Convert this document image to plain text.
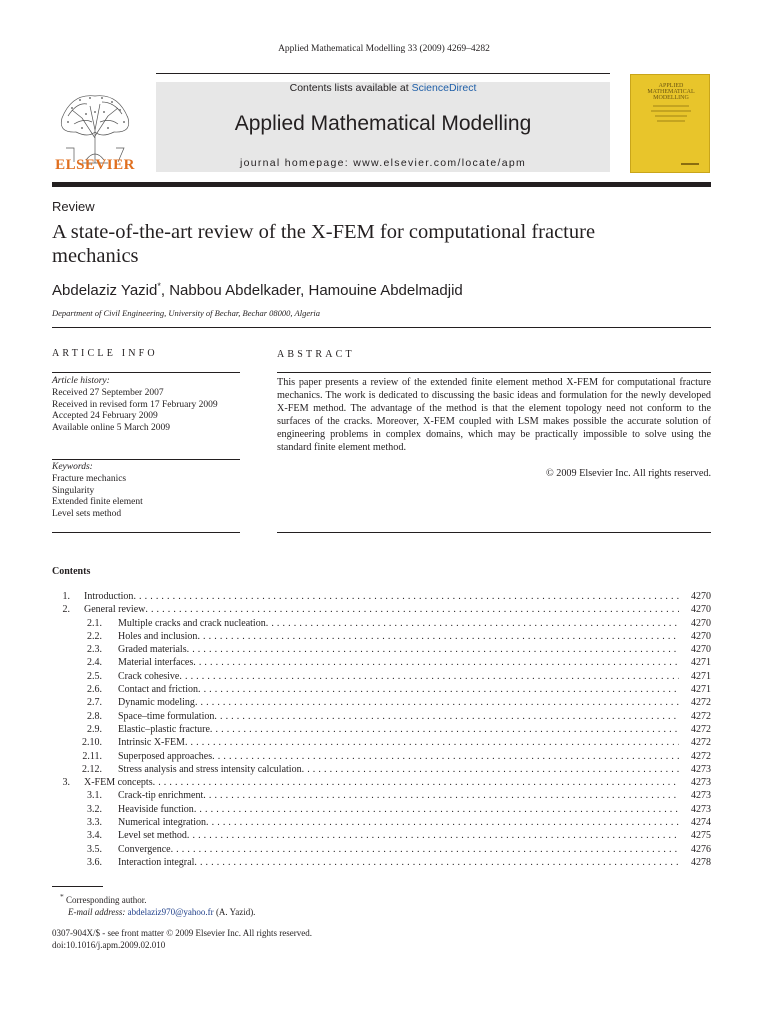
Applied Mathematical Modelling 33 (2009) 4269–4282
ELSEVIER
Contents lists available at ScienceDirect
Applied Mathematical Modelling
journal homepage: www.elsevier.com/locate/apm
APPLIED MATHEMATICAL MODELLING
Review
A state-of-the-art review of the X-FEM for computational fracture mechanics
Abdelaziz Yazid*, Nabbou Abdelkader, Hamouine Abdelmadjid
Department of Civil Engineering, University of Bechar, Bechar 08000, Algeria
ARTICLE INFO	ABSTRACT
Article history:
Received 27 September 2007
Received in revised form 17 February 2009
Accepted 24 February 2009
Available online 5 March 2009
Keywords:
Fracture mechanics
Singularity
Extended finite element
Level sets method
This paper presents a review of the extended finite element method X-FEM for computational fracture mechanics. The work is dedicated to discussing the basic ideas and formulation for the newly developed X-FEM method. The advantage of the method is that the element topology need not conform to the surfaces of the cracks. Moreover, X-FEM coupled with LSM makes possible the accurate solution of engineering problems in complex domains, which may be practically impossible to solve using the standard finite element method.
© 2009 Elsevier Inc. All rights reserved.
Contents
1.	Introduction . . .	4270
2.	General review . . .	4270
2.1.	Multiple cracks and crack nucleation . . .	4270
2.2.	Holes and inclusion . . .	4270
2.3.	Graded materials . . .	4270
2.4.	Material interfaces . . .	4271
2.5.	Crack cohesive . . .	4271
2.6.	Contact and friction . . .	4271
2.7.	Dynamic modeling . . .	4272
2.8.	Space–time formulation . . .	4272
2.9.	Elastic–plastic fracture . . .	4272
2.10.	Intrinsic X-FEM . . .	4272
2.11.	Superposed approaches . . .	4272
2.12.	Stress analysis and stress intensity calculation . . .	4273
3.	X-FEM concepts . . .	4273
3.1.	Crack-tip enrichment . . .	4273
3.2.	Heaviside function . . .	4273
3.3.	Numerical integration . . .	4274
3.4.	Level set method . . .	4275
3.5.	Convergence . . .	4276
3.6.	Interaction integral . . .	4278
* Corresponding author.
E-mail address: abdelaziz970@yahoo.fr (A. Yazid).
0307-904X/$ - see front matter © 2009 Elsevier Inc. All rights reserved.
doi:10.1016/j.apm.2009.02.010
